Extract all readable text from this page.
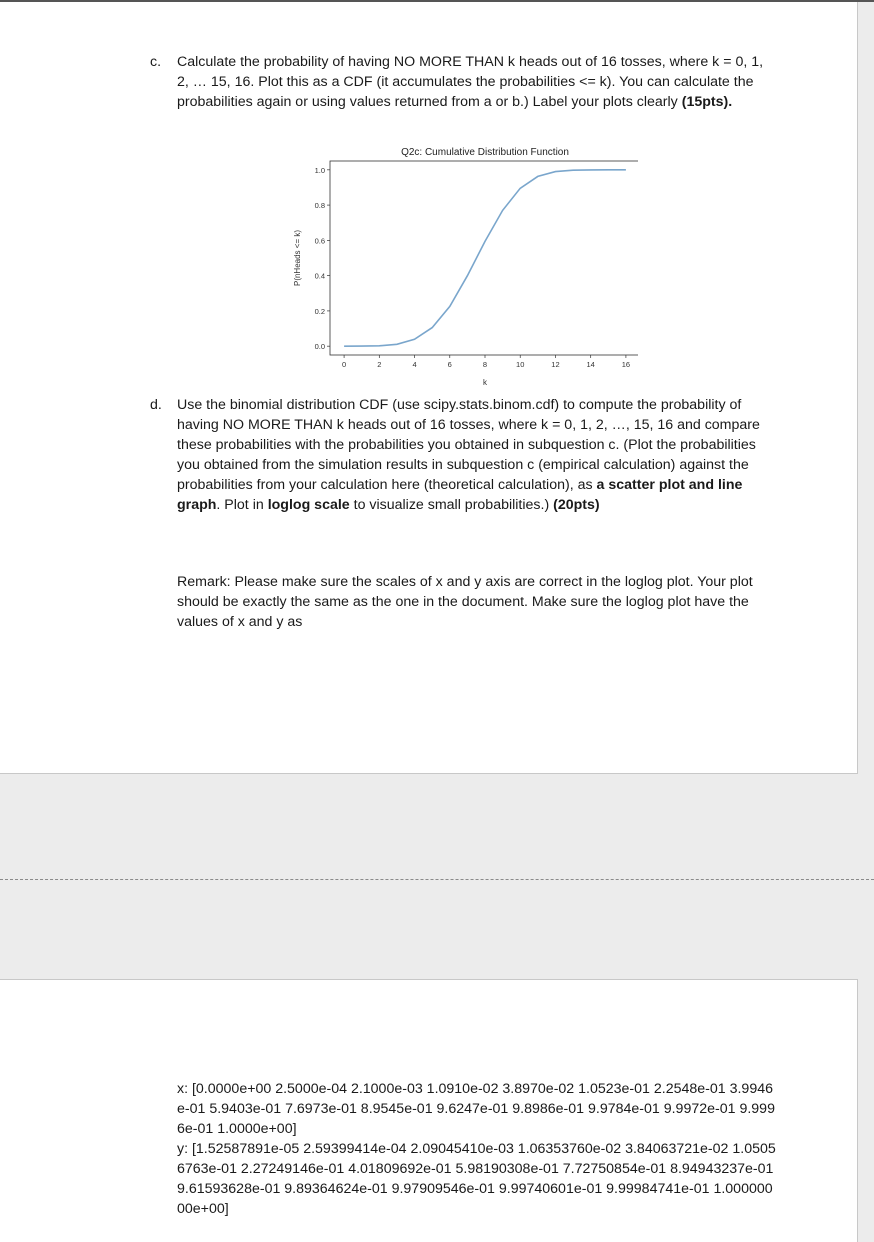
c. Calculate the probability of having NO MORE THAN k heads out of 16 tosses, where k = 0, 1, 2, … 15, 16. Plot this as a CDF (it accumulates the probabilities <= k). You can calculate the probabilities again or using values returned from a or b.) Label your plots clearly (15pts).
Q2c: Cumulative Distribution Function
0.0
0.2
0.4
0.6
0.8
1.0
0	2	4	6	8	10	12	14	16
k
P(nHeads <= k)
d. Use the binomial distribution CDF (use scipy.stats.binom.cdf) to compute the probability of having NO MORE THAN k heads out of 16 tosses, where k = 0, 1, 2, …, 15, 16 and compare these probabilities with the probabilities you obtained in subquestion c. (Plot the probabilities you obtained from the simulation results in subquestion c (empirical calculation) against the probabilities from your calculation here (theoretical calculation), as a scatter plot and line graph. Plot in loglog scale to visualize small probabilities.) (20pts)
Remark: Please make sure the scales of x and y axis are correct in the loglog plot. Your plot should be exactly the same as the one in the document. Make sure the loglog plot have the values of x and y as

x: [0.0000e+00 2.5000e-04 2.1000e-03 1.0910e-02 3.8970e-02 1.0523e-01 2.2548e-01 3.9946e-01 5.9403e-01 7.6973e-01 8.9545e-01 9.6247e-01 9.8986e-01 9.9784e-01 9.9972e-01 9.9996e-01 1.0000e+00]

y: [1.52587891e-05 2.59399414e-04 2.09045410e-03 1.06353760e-02 3.84063721e-02 1.05056763e-01 2.27249146e-01 4.01809692e-01 5.98190308e-01 7.72750854e-01 8.94943237e-01 9.61593628e-01 9.89364624e-01 9.97909546e-01 9.99740601e-01 9.99984741e-01 1.00000000e+00]
